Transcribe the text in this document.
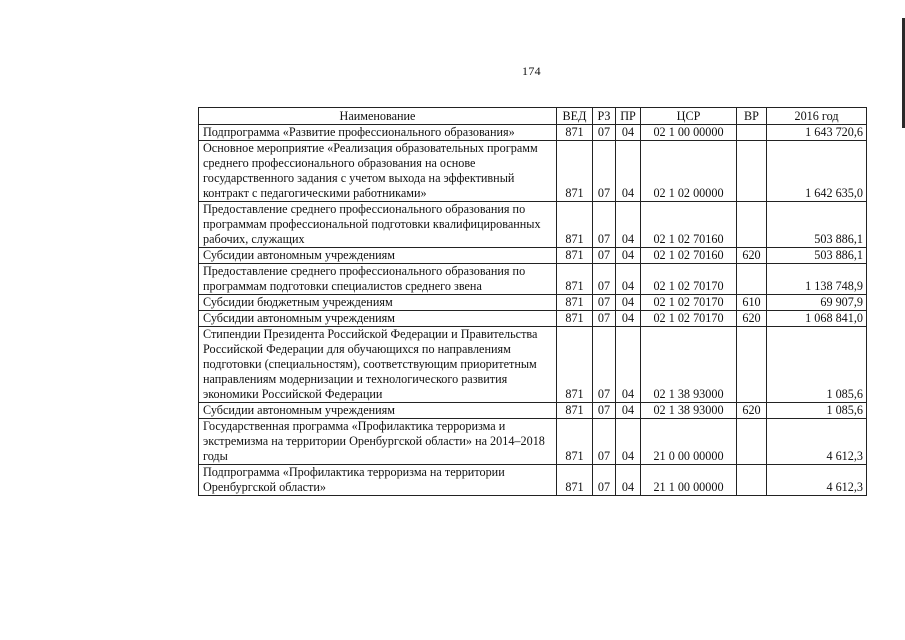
174
Наименование	ВЕД	РЗ	ПР	ЦСР	ВР	2016 год
Подпрограмма «Развитие профессионального образования»	871	07	04	02 1 00 00000		1 643 720,6
Основное мероприятие «Реализация образовательных программ среднего профессионального образования на основе государственного задания с учетом выхода на эффективный контракт с педагогическими работниками»	871	07	04	02 1 02 00000		1 642 635,0
Предоставление среднего профессионального образования по программам профессиональной подготовки квалифицированных рабочих, служащих	871	07	04	02 1 02 70160		503 886,1
Субсидии автономным учреждениям	871	07	04	02 1 02 70160	620	503 886,1
Предоставление среднего профессионального образования по программам подготовки специалистов среднего звена	871	07	04	02 1 02 70170		1 138 748,9
Субсидии бюджетным учреждениям	871	07	04	02 1 02 70170	610	69 907,9
Субсидии автономным учреждениям	871	07	04	02 1 02 70170	620	1 068 841,0
Стипендии Президента Российской Федерации и Правительства Российской Федерации для обучающихся по направлениям подготовки (специальностям), соответствующим приоритетным направлениям модернизации и технологического развития экономики Российской Федерации	871	07	04	02 1 38 93000		1 085,6
Субсидии автономным учреждениям	871	07	04	02 1 38 93000	620	1 085,6
Государственная программа «Профилактика терроризма и экстремизма на территории Оренбургской области» на 2014–2018 годы	871	07	04	21 0 00 00000		4 612,3
Подпрограмма «Профилактика терроризма на территории Оренбургской области»	871	07	04	21 1 00 00000		4 612,3
